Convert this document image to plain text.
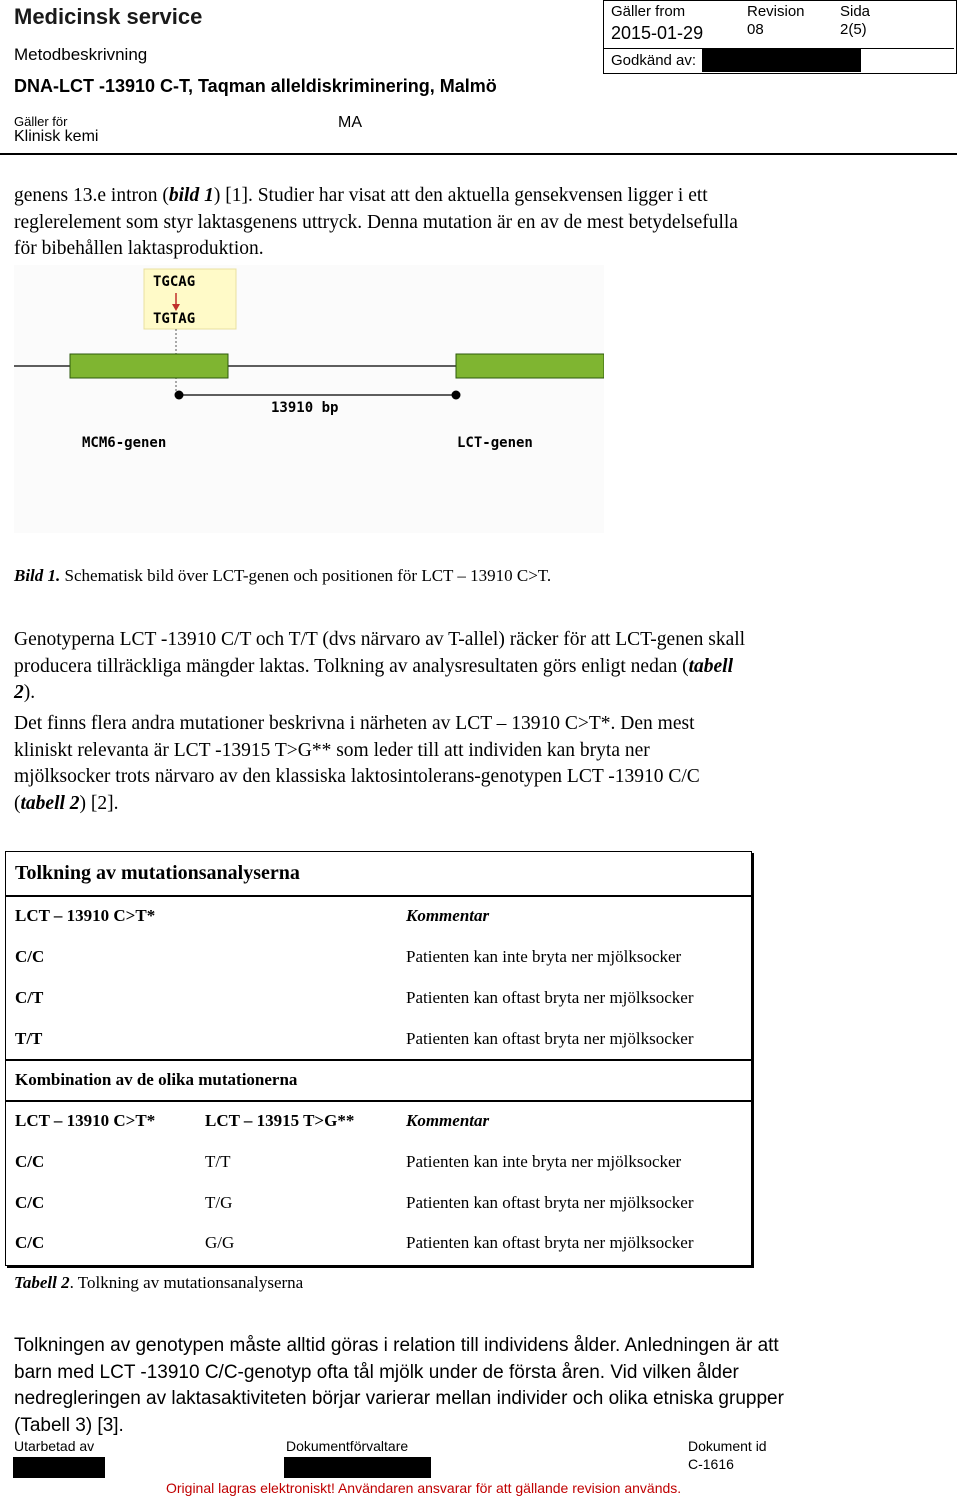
Medicinsk service
Metodbeskrivning
DNA-LCT -13910 C-T, Taqman alleldiskriminering, Malmö
Gäller för
Klinisk kemi
MA
Gäller from
2015-01-29
Revision
08
Sida
2(5)
Godkänd av:
genens 13.e intron (bild 1) [1]. Studier har visat att den aktuella gensekvensen ligger i ett
reglerelement som styr laktasgenens uttryck. Denna mutation är en av de mest betydelsefulla
för bibehållen laktasproduktion.
TGCAG
TGTAG
13910 bp
MCM6-genen	LCT-genen
Bild 1. Schematisk bild över LCT-genen och positionen för LCT – 13910 C>T.
Genotyperna LCT -13910 C/T och T/T (dvs närvaro av T-allel) räcker för att LCT-genen skall
producera tillräckliga mängder laktas. Tolkning av analysresultaten görs enligt nedan (tabell
2).
Det finns flera andra mutationer beskrivna i närheten av LCT – 13910 C>T*. Den mest
kliniskt relevanta är LCT -13915 T>G** som leder till att individen kan bryta ner
mjölksocker trots närvaro av den klassiska laktosintolerans-genotypen LCT -13910 C/C
(tabell 2) [2].
Tolkning av mutationsanalyserna
LCT – 13910 C>T*	Kommentar
C/C	Patienten kan inte bryta ner mjölksocker
C/T	Patienten kan oftast bryta ner mjölksocker
T/T	Patienten kan oftast bryta ner mjölksocker
Kombination av de olika mutationerna
LCT – 13910 C>T*	LCT – 13915 T>G**	Kommentar
C/C	T/T	Patienten kan inte bryta ner mjölksocker
C/C	T/G	Patienten kan oftast bryta ner mjölksocker
C/C	G/G	Patienten kan oftast bryta ner mjölksocker
Tabell 2. Tolkning av mutationsanalyserna
Tolkningen av genotypen måste alltid göras i relation till individens ålder. Anledningen är att
barn med LCT -13910 C/C-genotyp ofta tål mjölk under de första åren. Vid vilken ålder
nedregleringen av laktasaktiviteten börjar varierar mellan individer och olika etniska grupper
(Tabell 3) [3].
Utarbetad av	Dokumentförvaltare	Dokument id
C-1616
Original lagras elektroniskt! Användaren ansvarar för att gällande revision används.
